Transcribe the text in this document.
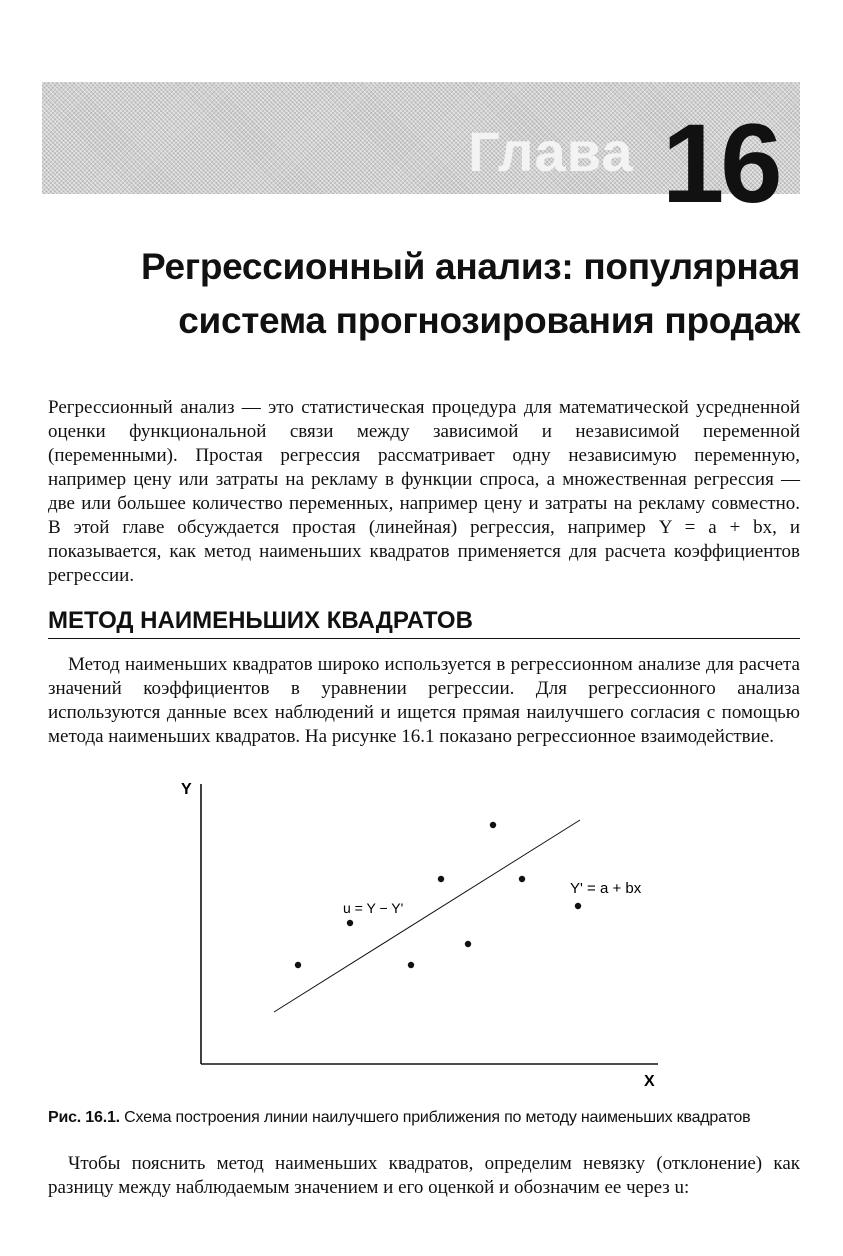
Глава 16
Регрессионный анализ: популярная
система прогнозирования продаж

Регрессионный анализ — это статистическая процедура для математической усредненной оценки функциональной связи между зависимой и независимой переменной (переменными). Простая регрессия рассматривает одну независимую переменную, например цену или затраты на рекламу в функции спроса, а множественная регрессия — две или большее количество переменных, например цену и затраты на рекламу совместно. В этой главе обсуждается простая (линейная) регрессия, например Y = a + bx, и показывается, как метод наименьших квадратов применяется для расчета коэффициентов регрессии.

МЕТОД НАИМЕНЬШИХ КВАДРАТОВ

Метод наименьших квадратов широко используется в регрессионном анализе для расчета значений коэффициентов в уравнении регрессии. Для регрессионного анализа используются данные всех наблюдений и ищется прямая наилучшего согласия с помощью метода наименьших квадратов. На рисунке 16.1 показано регрессионное взаимодействие.

Y
X
u = Y − Y'
Y' = a + bx
Рис. 16.1. Схема построения линии наилучшего приближения по методу наименьших квадратов

Чтобы пояснить метод наименьших квадратов, определим невязку (отклонение) как разницу между наблюдаемым значением и его оценкой и обозначим ее через u:
